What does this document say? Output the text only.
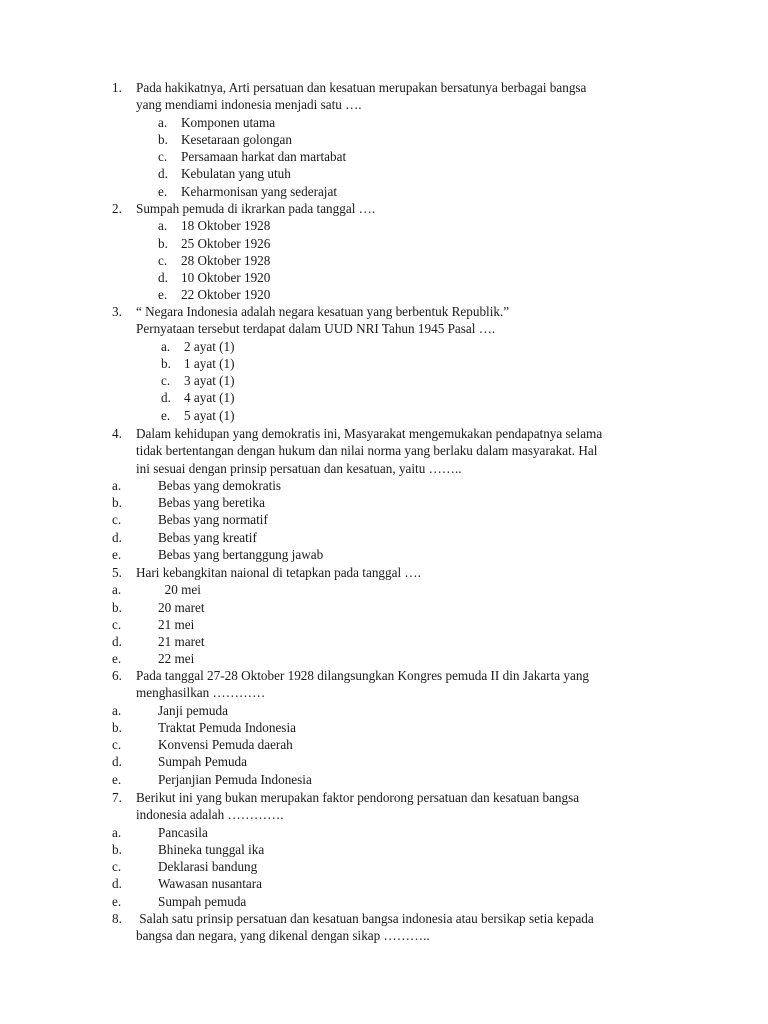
1. Pada hakikatnya, Arti persatuan dan kesatuan merupakan bersatunya berbagai bangsa
yang mendiami indonesia menjadi satu ….
a. Komponen utama
b. Kesetaraan golongan
c. Persamaan harkat dan martabat
d. Kebulatan yang utuh
e. Keharmonisan yang sederajat
2. Sumpah pemuda di ikrarkan pada tanggal ….
a. 18 Oktober 1928
b. 25 Oktober 1926
c. 28 Oktober 1928
d. 10 Oktober 1920
e. 22 Oktober 1920
3. “ Negara Indonesia adalah negara kesatuan yang berbentuk Republik.”
Pernyataan tersebut terdapat dalam UUD NRI Tahun 1945 Pasal ….
a. 2 ayat (1)
b. 1 ayat (1)
c. 3 ayat (1)
d. 4 ayat (1)
e. 5 ayat (1)
4. Dalam kehidupan yang demokratis ini, Masyarakat mengemukakan pendapatnya selama
tidak bertentangan dengan hukum dan nilai norma yang berlaku dalam masyarakat. Hal
ini sesuai dengan prinsip persatuan dan kesatuan, yaitu ……..
a.	Bebas yang demokratis
b.	Bebas yang beretika
c.	Bebas yang normatif
d.	Bebas yang kreatif
e.	Bebas yang bertanggung jawab
5. Hari kebangkitan naional di tetapkan pada tanggal ….
a.	20 mei
b.	20 maret
c.	21 mei
d.	21 maret
e.	22 mei
6. Pada tanggal 27-28 Oktober 1928 dilangsungkan Kongres pemuda II din Jakarta yang
menghasilkan …………
a.	Janji pemuda
b.	Traktat Pemuda Indonesia
c.	Konvensi Pemuda daerah
d.	Sumpah Pemuda
e.	Perjanjian Pemuda Indonesia
7. Berikut ini yang bukan merupakan faktor pendorong persatuan dan kesatuan bangsa
indonesia adalah ………….
a.	Pancasila
b.	Bhineka tunggal ika
c.	Deklarasi bandung
d.	Wawasan nusantara
e.	Sumpah pemuda
8. Salah satu prinsip persatuan dan kesatuan bangsa indonesia atau bersikap setia kepada
bangsa dan negara, yang dikenal dengan sikap ………..
